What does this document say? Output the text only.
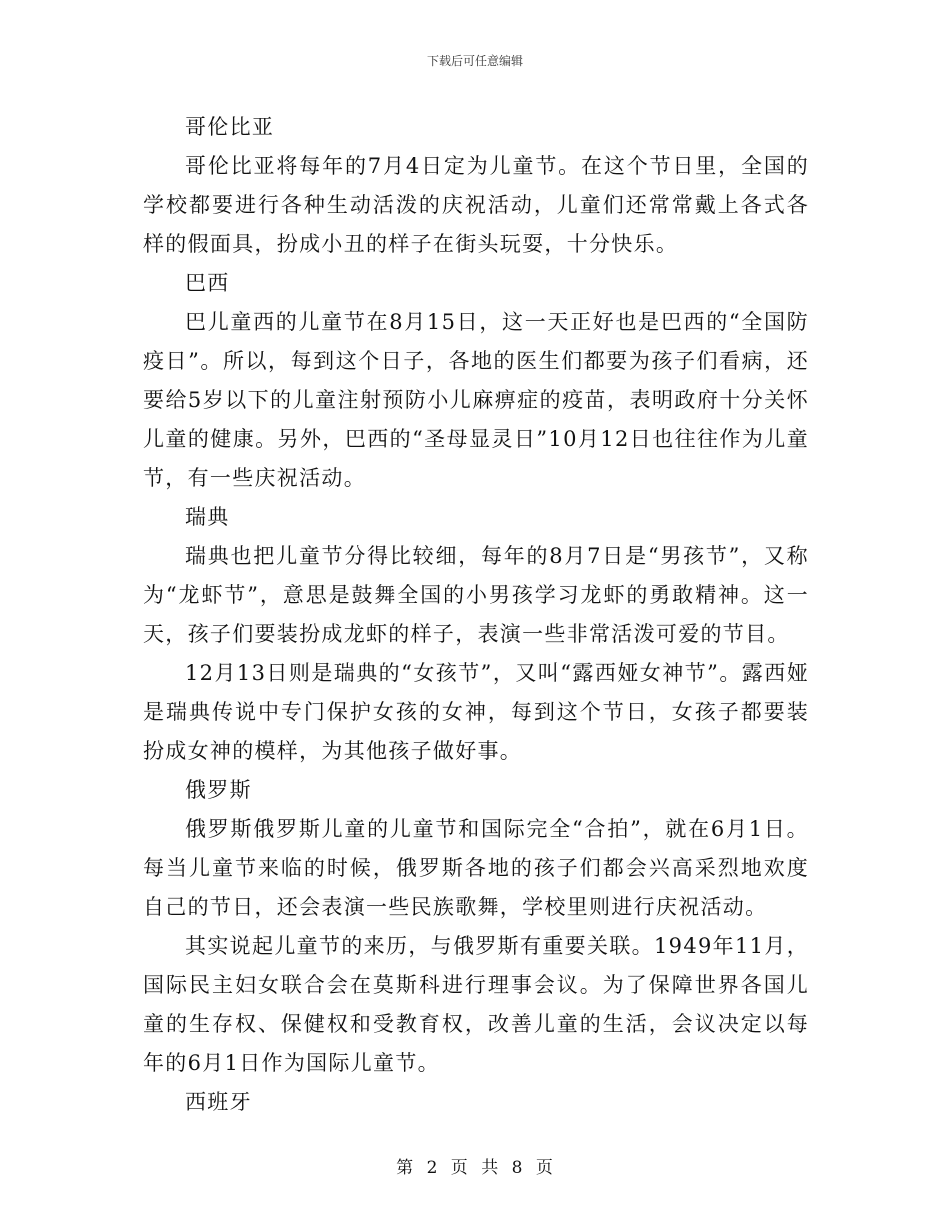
下载后可任意编辑

哥伦比亚

哥伦比亚将每年的7月4日定为儿童节。在这个节日里，全国的学校都要进行各种生动活泼的庆祝活动，儿童们还常常戴上各式各样的假面具，扮成小丑的样子在街头玩耍，十分快乐。

巴西

巴儿童西的儿童节在8月15日，这一天正好也是巴西的“全国防疫日”。所以，每到这个日子，各地的医生们都要为孩子们看病，还要给5岁以下的儿童注射预防小儿麻痹症的疫苗，表明政府十分关怀儿童的健康。另外，巴西的“圣母显灵日”10月12日也往往作为儿童节，有一些庆祝活动。

瑞典

瑞典也把儿童节分得比较细，每年的8月7日是“男孩节”，又称为“龙虾节”，意思是鼓舞全国的小男孩学习龙虾的勇敢精神。这一天，孩子们要装扮成龙虾的样子，表演一些非常活泼可爱的节目。

12月13日则是瑞典的“女孩节”，又叫“露西娅女神节”。露西娅是瑞典传说中专门保护女孩的女神，每到这个节日，女孩子都要装扮成女神的模样，为其他孩子做好事。

俄罗斯

俄罗斯俄罗斯儿童的儿童节和国际完全“合拍”，就在6月1日。每当儿童节来临的时候，俄罗斯各地的孩子们都会兴高采烈地欢度自己的节日，还会表演一些民族歌舞，学校里则进行庆祝活动。

其实说起儿童节的来历，与俄罗斯有重要关联。1949年11月，国际民主妇女联合会在莫斯科进行理事会议。为了保障世界各国儿童的生存权、保健权和受教育权，改善儿童的生活，会议决定以每年的6月1日作为国际儿童节。

西班牙

第 2 页 共 8 页
